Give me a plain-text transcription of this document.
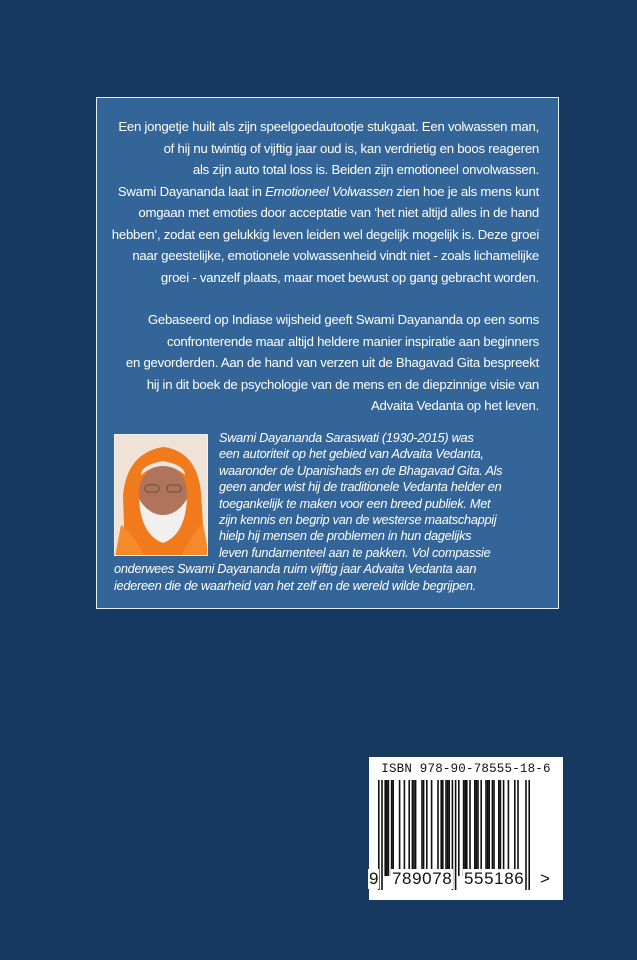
Een jongetje huilt als zijn speelgoedautootje stukgaat. Een volwassen man,
of hij nu twintig of vijftig jaar oud is, kan verdrietig en boos reageren
als zijn auto total loss is. Beiden zijn emotioneel onvolwassen.
Swami Dayananda laat in Emotioneel Volwassen zien hoe je als mens kunt
omgaan met emoties door acceptatie van ‘het niet altijd alles in de hand
hebben’, zodat een gelukkig leven leiden wel degelijk mogelijk is. Deze groei
naar geestelijke, emotionele volwassenheid vindt niet - zoals lichamelijke
groei - vanzelf plaats, maar moet bewust op gang gebracht worden.
Gebaseerd op Indiase wijsheid geeft Swami Dayananda op een soms
confronterende maar altijd heldere manier inspiratie aan beginners
en gevorderden. Aan de hand van verzen uit de Bhagavad Gita bespreekt
hij in dit boek de psychologie van de mens en de diepzinnige visie van
Advaita Vedanta op het leven.
Swami Dayananda Saraswati (1930-2015) was
een autoriteit op het gebied van Advaita Vedanta,
waaronder de Upanishads en de Bhagavad Gita. Als
geen ander wist hij de traditionele Vedanta helder en
toegankelijk te maken voor een breed publiek. Met
zijn kennis en begrip van de westerse maatschappij
hielp hij mensen de problemen in hun dagelijks
leven fundamenteel aan te pakken. Vol compassie
onderwees Swami Dayananda ruim vijftig jaar Advaita Vedanta aan
iedereen die de waarheid van het zelf en de wereld wilde begrijpen.
ISBN 978-90-78555-18-6
9 789078 555186 >
